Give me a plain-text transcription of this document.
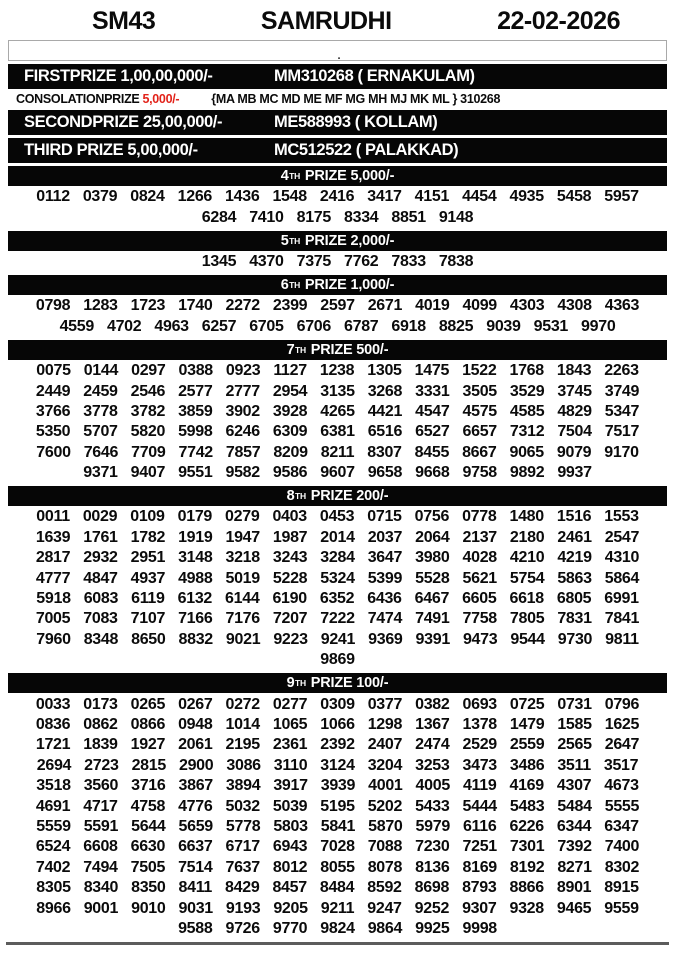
SM43	SAMRUDHI	22-02-2026
.
FIRSTPRIZE 1,00,00,000/-	MM310268 ( ERNAKULAM)
CONSOLATIONPRIZE 5,000/-	{MA MB MC MD ME MF MG MH MJ MK ML } 310268
SECONDPRIZE 25,00,000/-	ME588993 ( KOLLAM)
THIRD PRIZE 5,00,000/-	MC512522 ( PALAKKAD)
4 TH PRIZE 5,000/-
0112 0379 0824 1266 1436 1548 2416 3417 4151 4454 4935 5458 5957
6284 7410 8175 8334 8851 9148
5 TH PRIZE 2,000/-
1345 4370 7375 7762 7833 7838
6 TH PRIZE 1,000/-
0798 1283 1723 1740 2272 2399 2597 2671 4019 4099 4303 4308 4363
4559 4702 4963 6257 6705 6706 6787 6918 8825 9039 9531 9970
7 TH PRIZE 500/-
0075 0144 0297 0388 0923 1127 1238 1305 1475 1522 1768 1843 2263
2449 2459 2546 2577 2777 2954 3135 3268 3331 3505 3529 3745 3749
3766 3778 3782 3859 3902 3928 4265 4421 4547 4575 4585 4829 5347
5350 5707 5820 5998 6246 6309 6381 6516 6527 6657 7312 7504 7517
7600 7646 7709 7742 7857 8209 8211 8307 8455 8667 9065 9079 9170
9371 9407 9551 9582 9586 9607 9658 9668 9758 9892 9937
8 TH PRIZE 200/-
0011 0029 0109 0179 0279 0403 0453 0715 0756 0778 1480 1516 1553
1639 1761 1782 1919 1947 1987 2014 2037 2064 2137 2180 2461 2547
2817 2932 2951 3148 3218 3243 3284 3647 3980 4028 4210 4219 4310
4777 4847 4937 4988 5019 5228 5324 5399 5528 5621 5754 5863 5864
5918 6083 6119 6132 6144 6190 6352 6436 6467 6605 6618 6805 6991
7005 7083 7107 7166 7176 7207 7222 7474 7491 7758 7805 7831 7841
7960 8348 8650 8832 9021 9223 9241 9369 9391 9473 9544 9730 9811
9869
9 TH PRIZE 100/-
0033 0173 0265 0267 0272 0277 0309 0377 0382 0693 0725 0731 0796
0836 0862 0866 0948 1014 1065 1066 1298 1367 1378 1479 1585 1625
1721 1839 1927 2061 2195 2361 2392 2407 2474 2529 2559 2565 2647
2694 2723 2815 2900 3086 3110 3124 3204 3253 3473 3486 3511 3517
3518 3560 3716 3867 3894 3917 3939 4001 4005 4119 4169 4307 4673
4691 4717 4758 4776 5032 5039 5195 5202 5433 5444 5483 5484 5555
5559 5591 5644 5659 5778 5803 5841 5870 5979 6116 6226 6344 6347
6524 6608 6630 6637 6717 6943 7028 7088 7230 7251 7301 7392 7400
7402 7494 7505 7514 7637 8012 8055 8078 8136 8169 8192 8271 8302
8305 8340 8350 8411 8429 8457 8484 8592 8698 8793 8866 8901 8915
8966 9001 9010 9031 9193 9205 9211 9247 9252 9307 9328 9465 9559
9588 9726 9770 9824 9864 9925 9998
